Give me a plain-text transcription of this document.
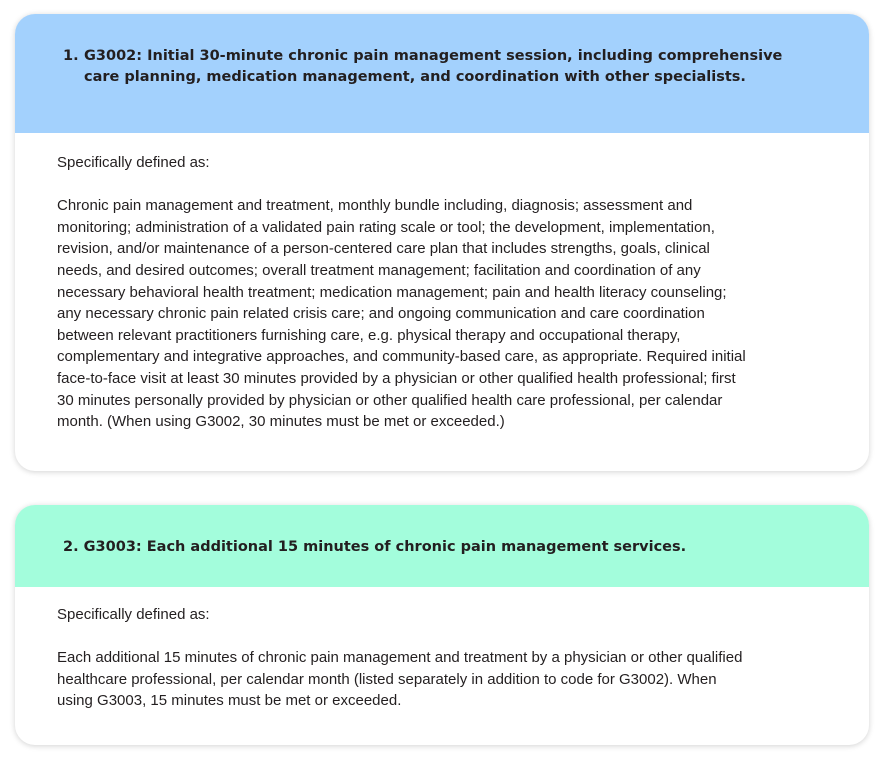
1. G3002: Initial 30-minute chronic pain management session, including comprehensive
care planning, medication management, and coordination with other specialists.
Specifically defined as:
Chronic pain management and treatment, monthly bundle including, diagnosis; assessment and
monitoring; administration of a validated pain rating scale or tool; the development, implementation,
revision, and/or maintenance of a person-centered care plan that includes strengths, goals, clinical
needs, and desired outcomes; overall treatment management; facilitation and coordination of any
necessary behavioral health treatment; medication management; pain and health literacy counseling;
any necessary chronic pain related crisis care; and ongoing communication and care coordination
between relevant practitioners furnishing care, e.g. physical therapy and occupational therapy,
complementary and integrative approaches, and community-based care, as appropriate. Required initial
face-to-face visit at least 30 minutes provided by a physician or other qualified health professional; first
30 minutes personally provided by physician or other qualified health care professional, per calendar
month. (When using G3002, 30 minutes must be met or exceeded.)
2. G3003: Each additional 15 minutes of chronic pain management services.
Specifically defined as:
Each additional 15 minutes of chronic pain management and treatment by a physician or other qualified
healthcare professional, per calendar month (listed separately in addition to code for G3002). When
using G3003, 15 minutes must be met or exceeded.
